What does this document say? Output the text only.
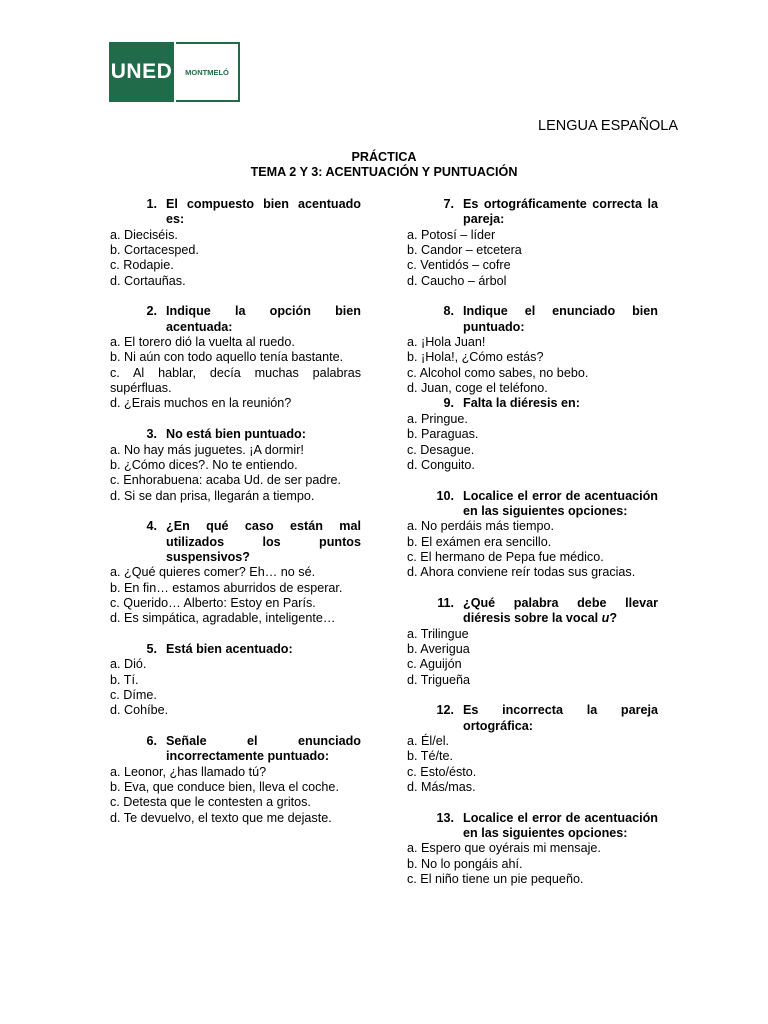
UNED	MONTMELÓ
LENGUA ESPAÑOLA
PRÁCTICA
TEMA 2 Y 3: ACENTUACIÓN Y PUNTUACIÓN
1. El compuesto bien acentuado es:
a. Dieciséis.
b. Cortacesped.
c. Rodapie.
d. Cortauñas.
2. Indique la opción bien acentuada:
a. El torero dió la vuelta al ruedo.
b. Ni aún con todo aquello tenía bastante.
c. Al hablar, decía muchas palabras supérfluas.
d. ¿Erais muchos en la reunión?
3. No está bien puntuado:
a. No hay más juguetes. ¡A dormir!
b. ¿Cómo dices?. No te entiendo.
c. Enhorabuena: acaba Ud. de ser padre.
d. Si se dan prisa, llegarán a tiempo.
4. ¿En qué caso están mal utilizados los puntos suspensivos?
a. ¿Qué quieres comer? Eh… no sé.
b. En fin… estamos aburridos de esperar.
c. Querido… Alberto: Estoy en París.
d. Es simpática, agradable, inteligente…
5. Está bien acentuado:
a. Dió.
b. Tí.
c. Díme.
d. Cohíbe.
6. Señale el enunciado incorrectamente puntuado:
a. Leonor, ¿has llamado tú?
b. Eva, que conduce bien, lleva el coche.
c. Detesta que le contesten a gritos.
d. Te devuelvo, el texto que me dejaste.
7. Es ortográficamente correcta la pareja:
a. Potosí – líder
b. Candor – etcetera
c. Ventidós – cofre
d. Caucho – árbol
8. Indique el enunciado bien puntuado:
a. ¡Hola Juan!
b. ¡Hola!, ¿Cómo estás?
c. Alcohol como sabes, no bebo.
d. Juan, coge el teléfono.
9. Falta la diéresis en:
a. Pringue.
b. Paraguas.
c. Desague.
d. Conguito.
10. Localice el error de acentuación en las siguientes opciones:
a. No perdáis más tiempo.
b. El exámen era sencillo.
c. El hermano de Pepa fue médico.
d. Ahora conviene reír todas sus gracias.
11. ¿Qué palabra debe llevar diéresis sobre la vocal u?
a. Trilingue
b. Averigua
c. Aguijón
d. Trigueña
12. Es incorrecta la pareja ortográfica:
a. Él/el.
b. Té/te.
c. Esto/ésto.
d. Más/mas.
13. Localice el error de acentuación en las siguientes opciones:
a. Espero que oyérais mi mensaje.
b. No lo pongáis ahí.
c. El niño tiene un pie pequeño.
